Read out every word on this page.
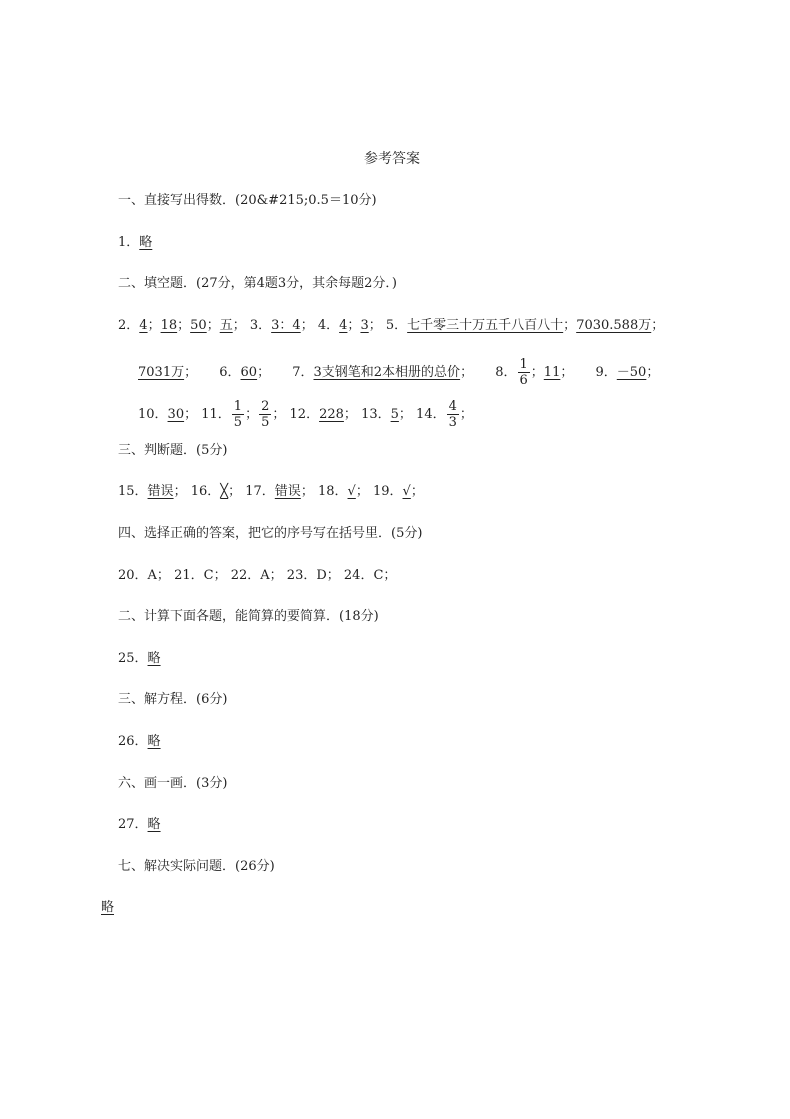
参考答案
一、直接写出得数．(20&#215;0.5＝10分)
1．略
二、填空题．(27分，第4题3分，其余每题2分．)
2．4；18；50；五； 3．3：4； 4．4；3； 5．七千零三十万五千八百八十；7030.588万；
7031万； 6．60； 7．3支钢笔和2本相册的总价； 8． $\frac{1}{6}$ ；11； 9．－50；
10．30； 11． $\frac{1}{5}$ ； $\frac{2}{5}$ ； 12．228； 13．5； 14． $\frac{4}{3}$ ；
三、判断题．(5分)
15．错误； 16．╳； 17．错误； 18．√； 19．√；
四、选择正确的答案，把它的序号写在括号里．(5分)
20．A； 21．C； 22．A； 23．D； 24．C；
二、计算下面各题，能简算的要简算．(18分)
25．略
三、解方程．(6分)
26．略
六、画一画．(3分)
27．略
七、解决实际问题．(26分)
略
